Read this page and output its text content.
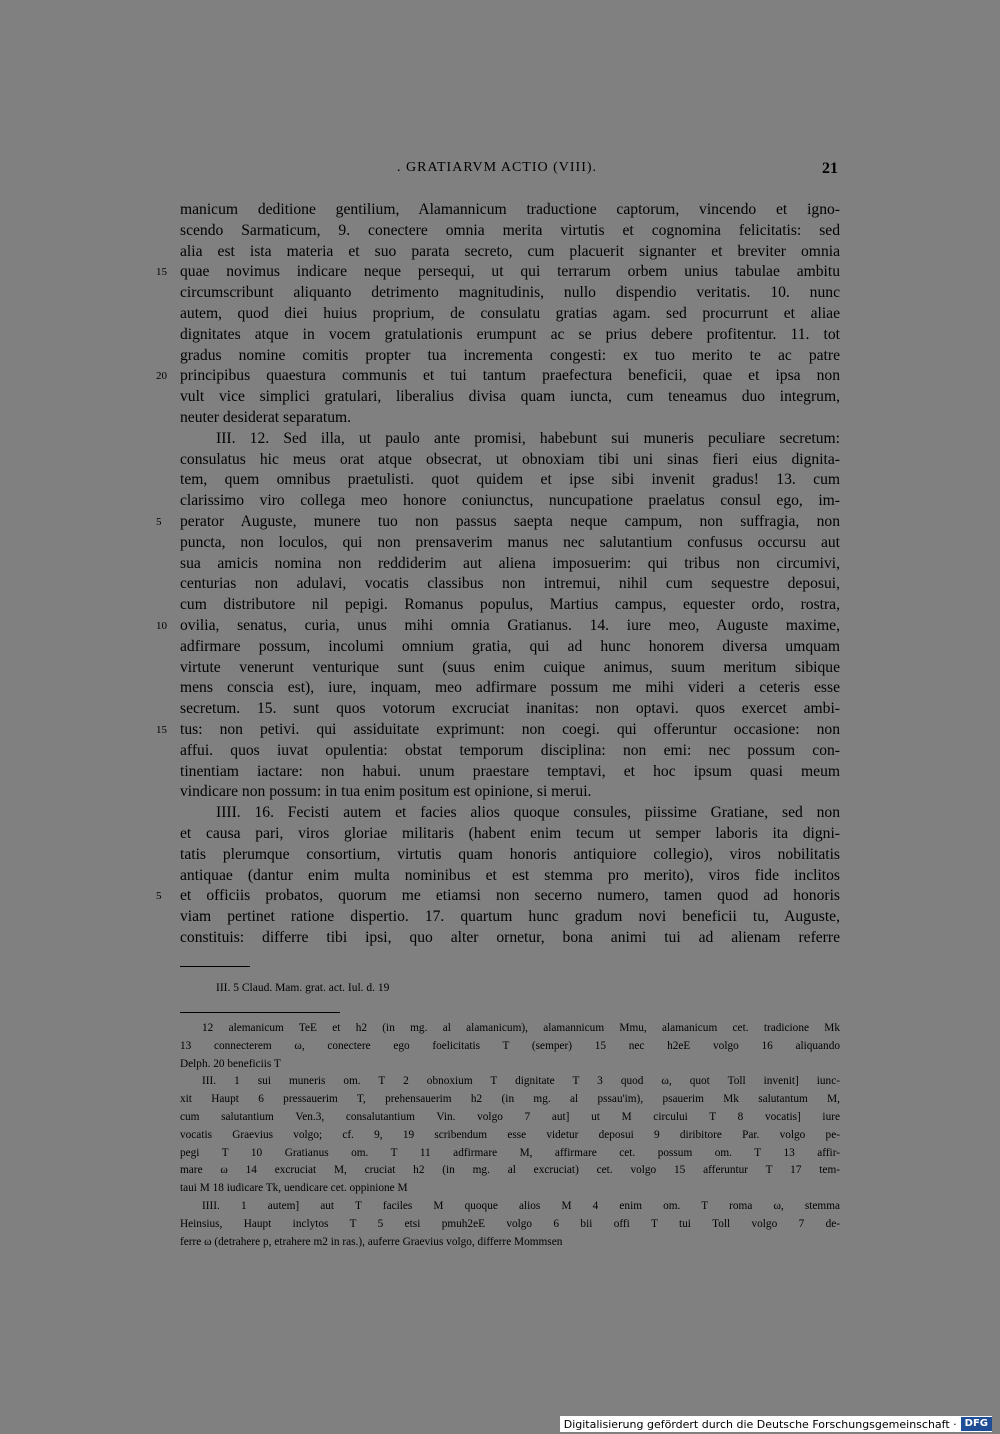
. GRATIARVM ACTIO (VIII).	21
manicum deditione gentilium, Alamannicum traductione captorum, vincendo et igno-
scendo Sarmaticum, 9. conectere omnia merita virtutis et cognomina felicitatis: sed
alia est ista materia et suo parata secreto, cum placuerit signanter et breviter omnia
15 quae novimus indicare neque persequi, ut qui terrarum orbem unius tabulae ambitu
circumscribunt aliquanto detrimento magnitudinis, nullo dispendio veritatis. 10. nunc
autem, quod diei huius proprium, de consulatu gratias agam. sed procurrunt et aliae
dignitates atque in vocem gratulationis erumpunt ac se prius debere profitentur. 11. tot
gradus nomine comitis propter tua incrementa congesti: ex tuo merito te ac patre
20 principibus quaestura communis et tui tantum praefectura beneficii, quae et ipsa non
vult vice simplici gratulari, liberalius divisa quam iuncta, cum teneamus duo integrum,
neuter desiderat separatum.
III. 12. Sed illa, ut paulo ante promisi, habebunt sui muneris peculiare secretum:
consulatus hic meus orat atque obsecrat, ut obnoxiam tibi uni sinas fieri eius dignita-
tem, quem omnibus praetulisti. quot quidem et ipse sibi invenit gradus! 13. cum
clarissimo viro collega meo honore coniunctus, nuncupatione praelatus consul ego, im-
5	perator Auguste, munere tuo non passus saepta neque campum, non suffragia, non
puncta, non loculos, qui non prensaverim manus nec salutantium confusus occursu aut
sua amicis nomina non reddiderim aut aliena imposuerim: qui tribus non circumivi,
centurias non adulavi, vocatis classibus non intremui, nihil cum sequestre deposui,
cum distributore nil pepigi. Romanus populus, Martius campus, equester ordo, rostra,
10 ovilia, senatus, curia, unus mihi omnia Gratianus. 14. iure meo, Auguste maxime,
adfirmare possum, incolumi omnium gratia, qui ad hunc honorem diversa umquam
virtute venerunt venturique sunt (suus enim cuique animus, suum meritum sibique
mens conscia est), iure, inquam, meo adfirmare possum me mihi videri a ceteris esse
secretum. 15. sunt quos votorum excruciat inanitas: non optavi. quos exercet ambi-
15 tus: non petivi. qui assiduitate exprimunt: non coegi. qui offeruntur occasione: non
affui. quos iuvat opulentia: obstat temporum disciplina: non emi: nec possum con-
tinentiam iactare: non habui. unum praestare temptavi, et hoc ipsum quasi meum
vindicare non possum: in tua enim positum est opinione, si merui.
IIII. 16. Fecisti autem et facies alios quoque consules, piissime Gratiane, sed non
et causa pari, viros gloriae militaris (habent enim tecum ut semper laboris ita digni-
tatis plerumque consortium, virtutis quam honoris antiquiore collegio), viros nobilitatis
antiquae (dantur enim multa nominibus et est stemma pro merito), viros fide inclitos
5	et officiis probatos, quorum me etiamsi non secerno numero, tamen quod ad honoris
viam pertinet ratione dispertio. 17. quartum hunc gradum novi beneficii tu, Auguste,
constituis: differre tibi ipsi, quo alter ornetur, bona animi tui ad alienam referre
III. 5 Claud. Mam. grat. act. Iul. d. 19
12 alemanicum TeE et h2 (in mg. al alamanicum), alamannicum Mmu, alamanicum cet. tradicione Mk
13 connecterem ω, conectere ego foelicitatis T (semper) 15 nec h2eE volgo 16 aliquando
Delph. 20 beneficiis T
III. 1 sui muneris om. T 2 obnoxium T dignitate T 3 quod ω, quot Toll invenit] iunc-
xit Haupt 6 pressauerim T, prehensauerim h2 (in mg. al pssau'im), psauerim Mk salutantum M,
cum salutantium Ven.3, consalutantium Vin. volgo 7 aut] ut M circului T 8 vocatis] iure
vocatis Graevius volgo; cf. 9, 19 scribendum esse videtur deposui 9 diribitore Par. volgo pe-
pegi T 10 Gratianus om. T 11 adfirmare M, affirmare cet. possum om. T 13 affir-
mare ω 14 excruciat M, cruciat h2 (in mg. al excruciat) cet. volgo 15 afferuntur T 17 tem-
taui M 18 iudicare Tk, uendicare cet. oppinione M
IIII. 1 autem] aut T faciles M quoque alios M 4 enim om. T roma ω, stemma
Heinsius, Haupt inclytos T 5 etsi pmuh2eE volgo 6 bii offi T tui Toll volgo 7 de-
ferre ω (detrahere p, etrahere m2 in ras.), auferre Graevius volgo, differre Mommsen
Digitalisierung gefördert durch die Deutsche Forschungsgemeinschaft · DFG
